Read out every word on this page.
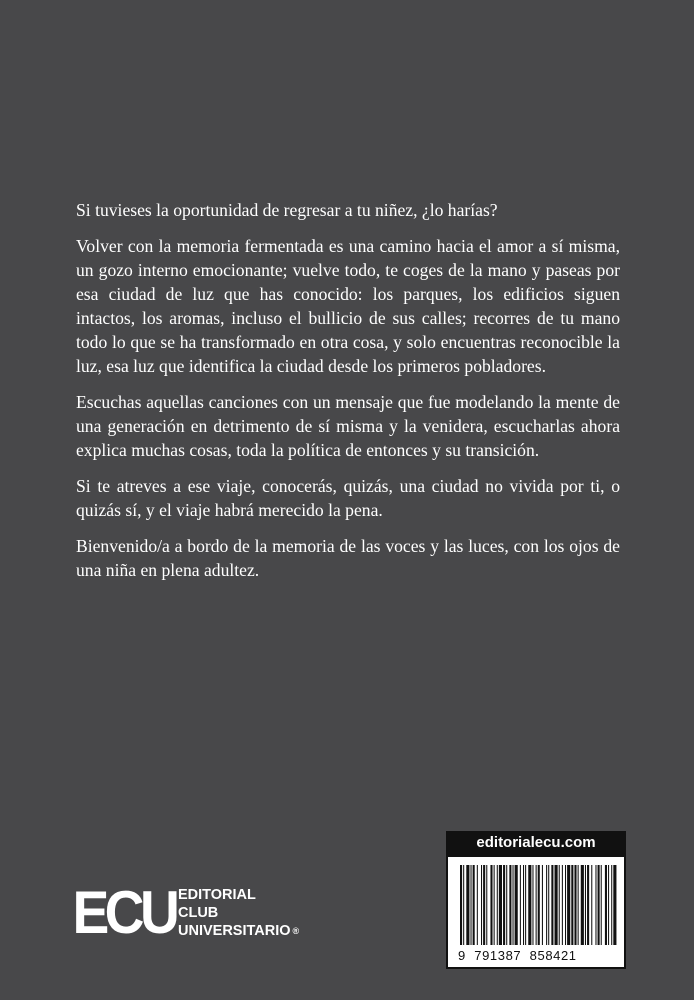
Si tuvieses la oportunidad de regresar a tu niñez, ¿lo harías?

Volver con la memoria fermentada es una camino hacia el amor a sí misma, un gozo interno emocionante; vuelve todo, te coges de la mano y paseas por esa ciudad de luz que has conocido: los parques, los edificios siguen intactos, los aromas, incluso el bullicio de sus calles; recorres de tu mano todo lo que se ha transformado en otra cosa, y solo encuentras reconocible la luz, esa luz que identifica la ciudad desde los primeros pobladores.

Escuchas aquellas canciones con un mensaje que fue modelando la mente de una generación en detrimento de sí misma y la venidera, escucharlas ahora explica muchas cosas, toda la política de entonces y su transición.

Si te atreves a ese viaje, conocerás, quizás, una ciudad no vivida por ti, o quizás sí, y el viaje habrá merecido la pena.

Bienvenido/a a bordo de la memoria de las voces y las luces, con los ojos de una niña en plena adultez.

ECU EDITORIAL
CLUB
UNIVERSITARIO ®
editorialecu.com
9  791387  858421
